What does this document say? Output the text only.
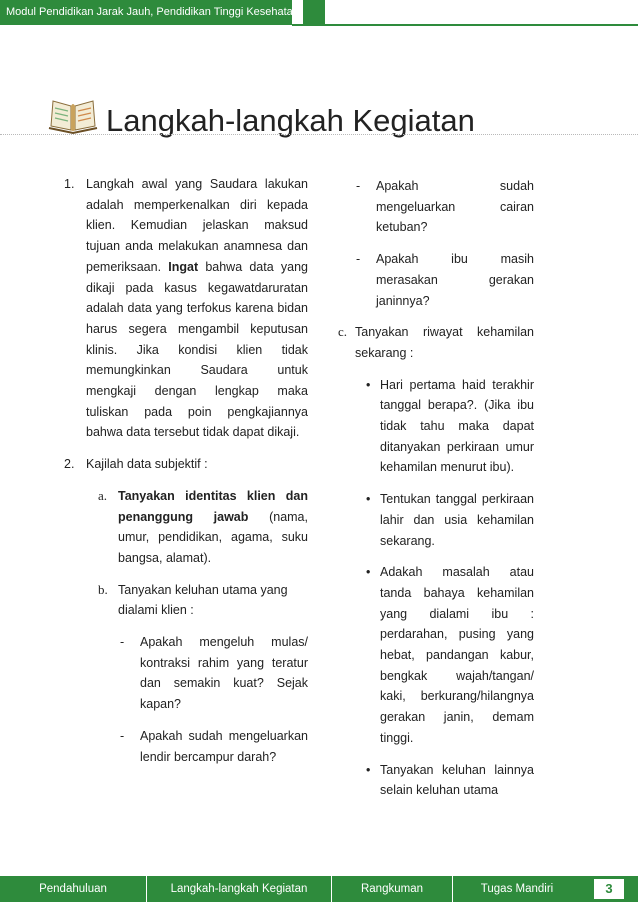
Modul Pendidikan Jarak Jauh, Pendidikan Tinggi Kesehatan
Langkah-langkah Kegiatan
1. Langkah awal yang Saudara lakukan adalah memperkenalkan diri kepada klien. Kemudian jelaskan maksud tujuan anda melakukan anamnesa dan pemeriksaan. Ingat bahwa data yang dikaji pada kasus kegawatdaruratan adalah data yang terfokus karena bidan harus segera mengambil keputusan klinis. Jika kondisi klien tidak memungkinkan Saudara untuk mengkaji dengan lengkap maka tuliskan pada poin pengkajiannya bahwa data tersebut tidak dapat dikaji.
2. Kajilah data subjektif :
a. Tanyakan identitas klien dan penanggung jawab (nama, umur, pendidikan, agama, suku bangsa, alamat).
b. Tanyakan keluhan utama yang dialami klien :
-	Apakah mengeluh mulas/ kontraksi rahim yang teratur dan semakin kuat? Sejak kapan?
-	Apakah sudah mengeluarkan lendir bercampur darah?
-	Apakah sudah mengeluarkan cairan ketuban?
-	Apakah ibu masih merasakan gerakan janinnya?
c. Tanyakan riwayat kehamilan sekarang :
• Hari pertama haid terakhir tanggal berapa?. (Jika ibu tidak tahu maka dapat ditanyakan perkiraan umur kehamilan menurut ibu).
• Tentukan tanggal perkiraan lahir dan usia kehamilan sekarang.
• Adakah masalah atau tanda bahaya kehamilan yang dialami ibu : perdarahan, pusing yang hebat, pandangan kabur, bengkak wajah/tangan/ kaki, berkurang/hilangnya gerakan janin, demam tinggi.
• Tanyakan keluhan lainnya selain keluhan utama
Pendahuluan	Langkah-langkah Kegiatan	Rangkuman	Tugas Mandiri	3
